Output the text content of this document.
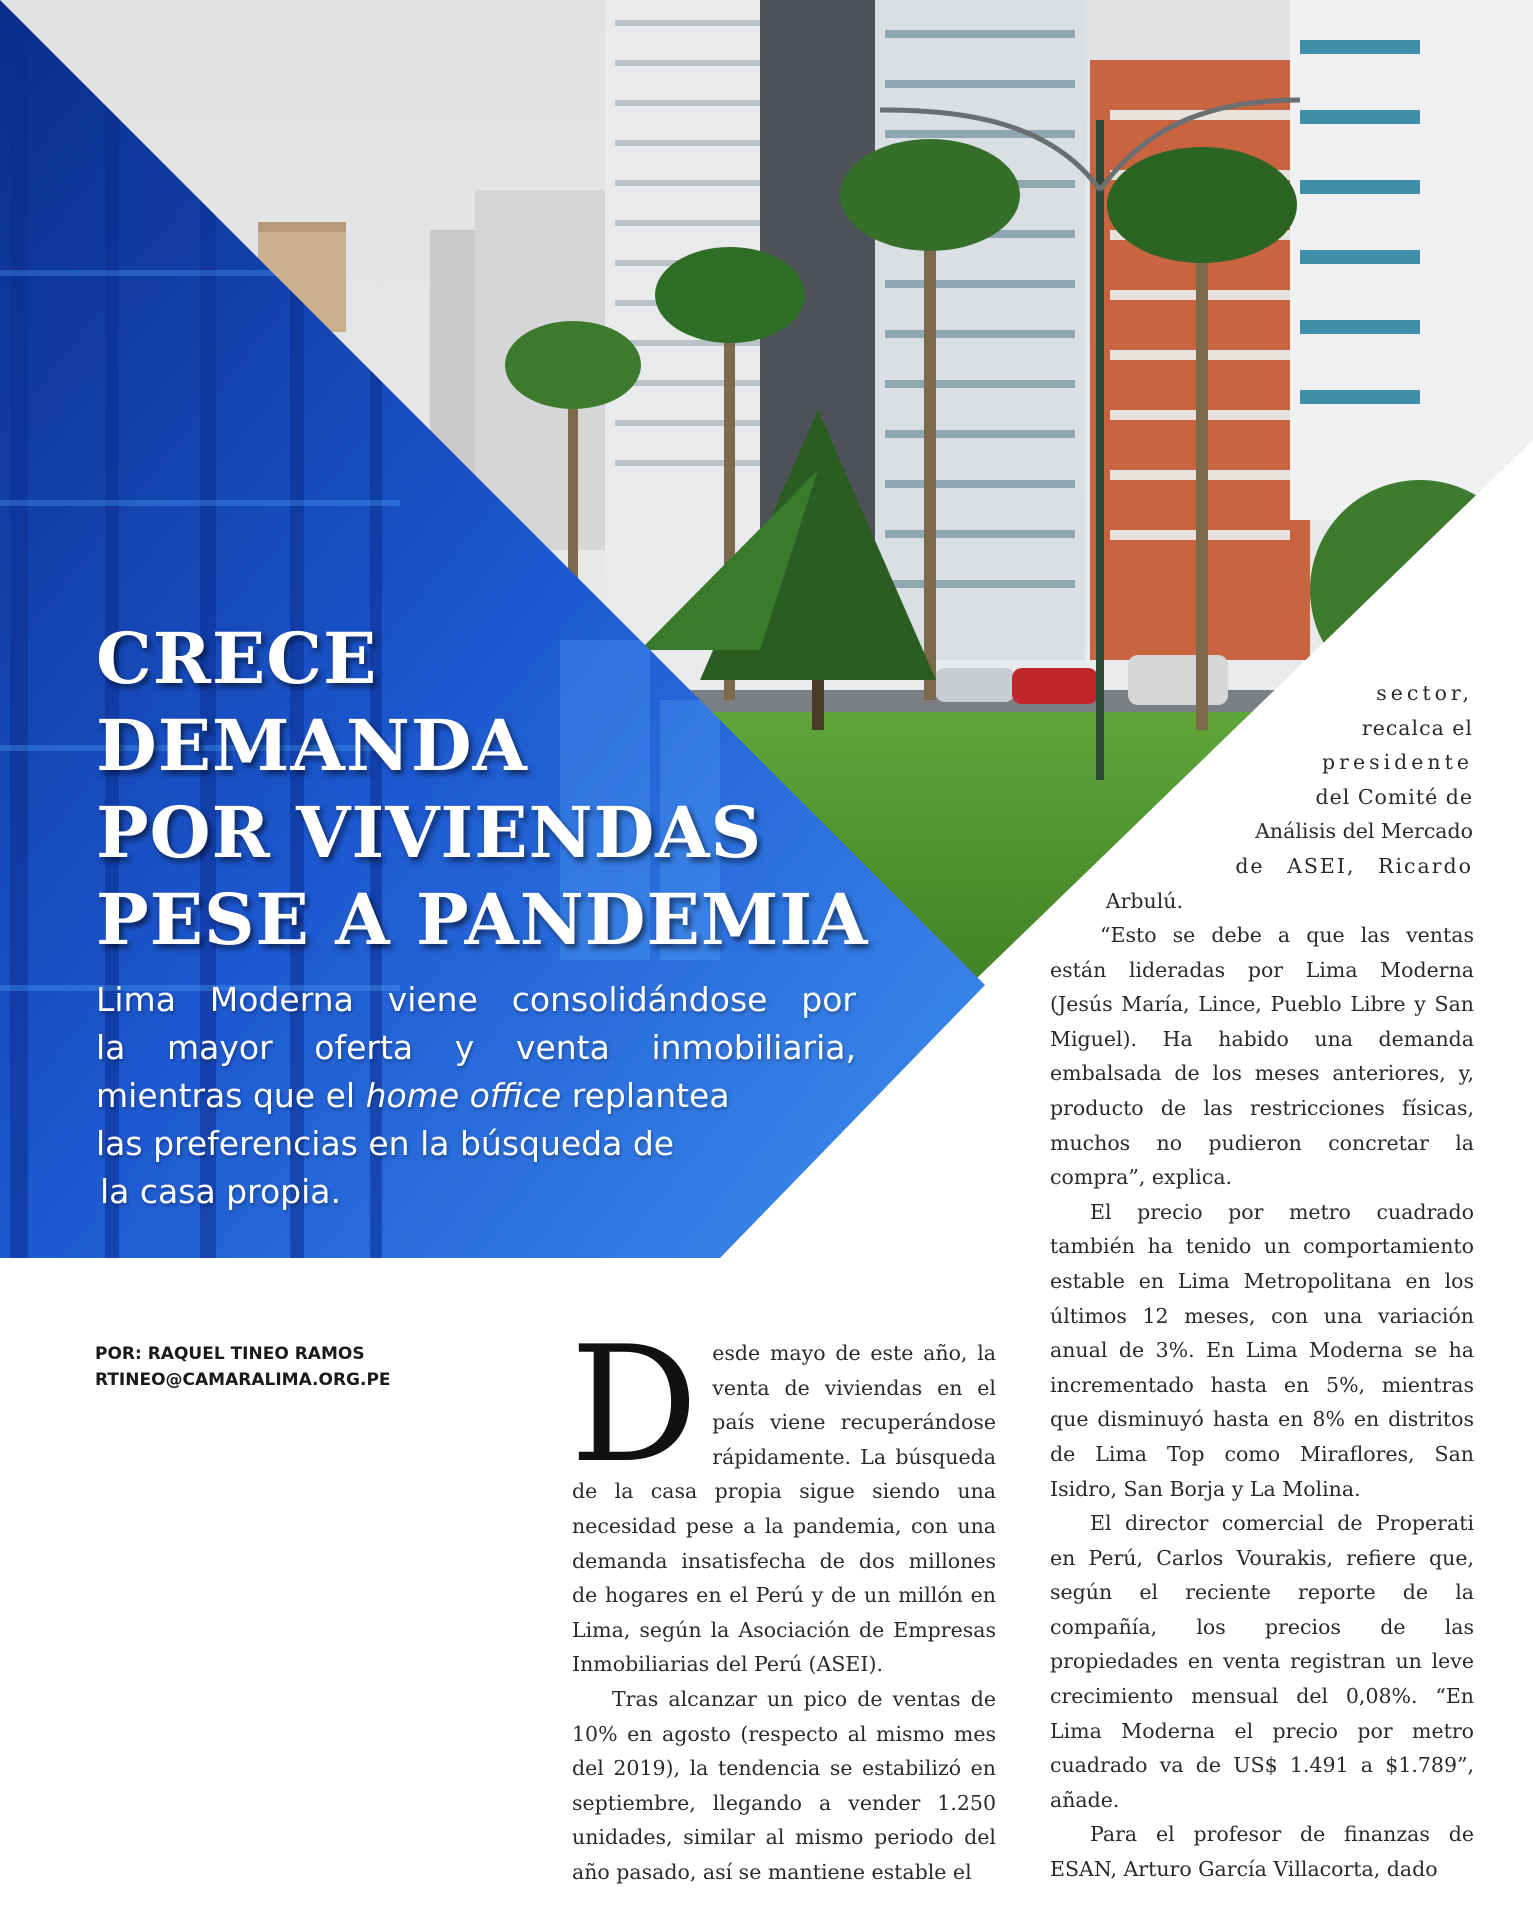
CRECE
DEMANDA
POR VIVIENDAS
PESE A PANDEMIA

Lima Moderna viene consolidándose por
la mayor oferta y venta inmobiliaria,
mientras que el home office replantea
las preferencias en la búsqueda de
la casa propia.

sector,
recalca el
presidente
del Comité de
Análisis del Mercado
de ASEI, Ricardo
Arbulú.

“Esto se debe a que las ventas están lideradas por Lima Moderna (Jesús María, Lince, Pueblo Libre y San Miguel). Ha habido una demanda embalsada de los meses anteriores, y, producto de las restricciones físicas, muchos no pudieron concretar la compra”, explica.

El precio por metro cuadrado también ha tenido un comportamiento estable en Lima Metropolitana en los últimos 12 meses, con una variación anual de 3%. En Lima Moderna se ha incrementado hasta en 5%, mientras que disminuyó hasta en 8% en distritos de Lima Top como Miraflores, San Isidro, San Borja y La Molina.

El director comercial de Properati en Perú, Carlos Vourakis, refiere que, según el reciente reporte de la compañía, los precios de las propiedades en venta registran un leve crecimiento mensual del 0,08%. “En Lima Moderna el precio por metro cuadrado va de US$ 1.491 a $1.789”, añade.

Para el profesor de finanzas de ESAN, Arturo García Villacorta, dado

POR: RAQUEL TINEO RAMOS
RTINEO@CAMARALIMA.ORG.PE Desde mayo de este año, la venta de viviendas en el país viene recuperándose rápidamente. La búsqueda de la casa propia sigue siendo una necesidad pese a la pandemia, con una demanda insatisfecha de dos millones de hogares en el Perú y de un millón en Lima, según la Asociación de Empresas Inmobiliarias del Perú (ASEI).

Tras alcanzar un pico de ventas de 10% en agosto (respecto al mismo mes del 2019), la tendencia se estabilizó en septiembre, llegando a vender 1.250 unidades, similar al mismo periodo del año pasado, así se mantiene estable el
